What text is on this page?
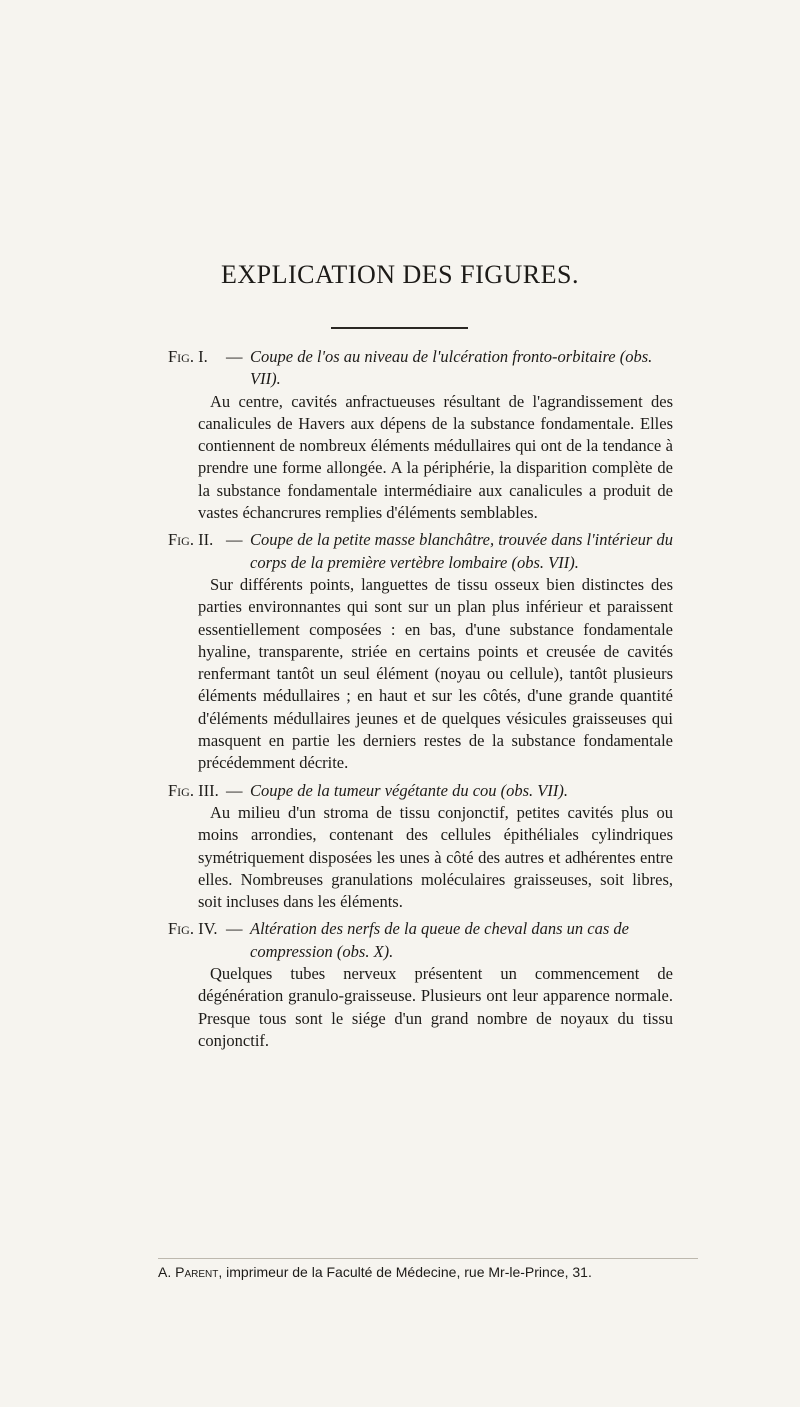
EXPLICATION DES FIGURES.
Fig. I.	— Coupe de l'os au niveau de l'ulcération fronto-orbitaire (obs. VII).

Au centre, cavités anfractueuses résultant de l'agrandissement des canalicules de Havers aux dépens de la substance fondamentale. Elles contiennent de nombreux éléments médullaires qui ont de la tendance à prendre une forme allongée. A la périphérie, la disparition complète de la substance fondamentale intermédiaire aux canalicules a produit de vastes échancrures remplies d'éléments semblables.

Fig. II. — Coupe de la petite masse blanchâtre, trouvée dans l'intérieur du corps de la première vertèbre lombaire (obs. VII).

Sur différents points, languettes de tissu osseux bien distinctes des parties environnantes qui sont sur un plan plus inférieur et paraissent essentiellement composées : en bas, d'une substance fondamentale hyaline, transparente, striée en certains points et creusée de cavités renfermant tantôt un seul élément (noyau ou cellule), tantôt plusieurs éléments médullaires ; en haut et sur les côtés, d'une grande quantité d'éléments médullaires jeunes et de quelques vésicules graisseuses qui masquent en partie les derniers restes de la substance fondamentale précédemment décrite.

Fig. III. — Coupe de la tumeur végétante du cou (obs. VII).

Au milieu d'un stroma de tissu conjonctif, petites cavités plus ou moins arrondies, contenant des cellules épithéliales cylindriques symétriquement disposées les unes à côté des autres et adhérentes entre elles. Nombreuses granulations moléculaires graisseuses, soit libres, soit incluses dans les éléments.

Fig. IV. — Altération des nerfs de la queue de cheval dans un cas de compression (obs. X).

Quelques tubes nerveux présentent un commencement de dégénération granulo-graisseuse. Plusieurs ont leur apparence normale. Presque tous sont le siége d'un grand nombre de noyaux du tissu conjonctif.

A. Parent, imprimeur de la Faculté de Médecine, rue Mr-le-Prince, 31.
